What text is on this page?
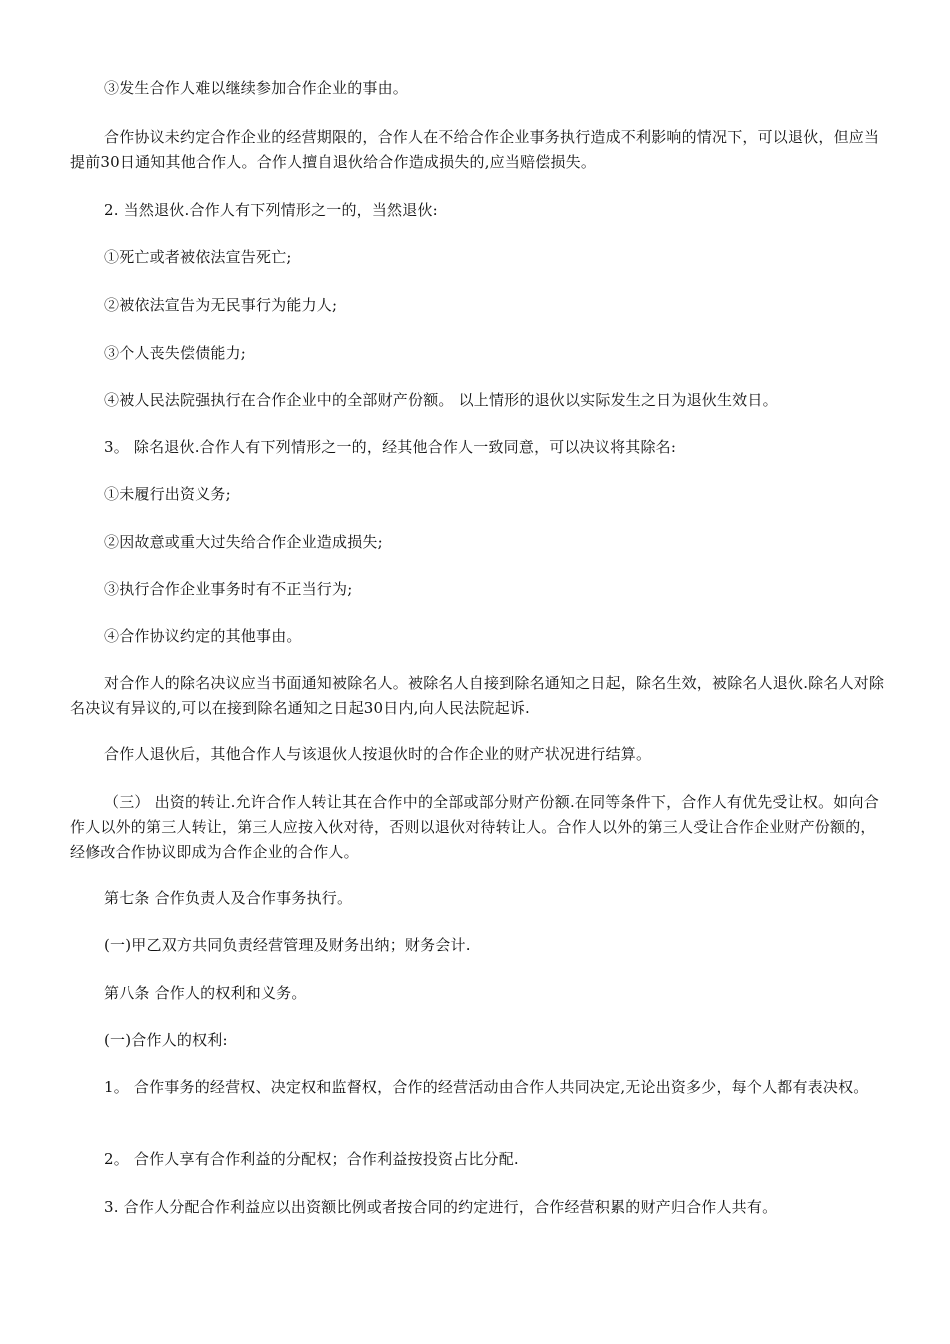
③发生合作人难以继续参加合作企业的事由。

合作协议未约定合作企业的经营期限的，合作人在不给合作企业事务执行造成不利影响的情况下，可以退伙，但应当提前30日通知其他合作人。合作人擅自退伙给合作造成损失的,应当赔偿损失。

2. 当然退伙.合作人有下列情形之一的，当然退伙:

①死亡或者被依法宣告死亡;

②被依法宣告为无民事行为能力人;

③个人丧失偿债能力;

④被人民法院强执行在合作企业中的全部财产份额。 以上情形的退伙以实际发生之日为退伙生效日。

3。 除名退伙.合作人有下列情形之一的，经其他合作人一致同意，可以决议将其除名:

①未履行出资义务;

②因故意或重大过失给合作企业造成损失;

③执行合作企业事务时有不正当行为;

④合作协议约定的其他事由。

对合作人的除名决议应当书面通知被除名人。被除名人自接到除名通知之日起，除名生效，被除名人退伙.除名人对除名决议有异议的,可以在接到除名通知之日起30日内,向人民法院起诉.

合作人退伙后，其他合作人与该退伙人按退伙时的合作企业的财产状况进行结算。

（三） 出资的转让.允许合作人转让其在合作中的全部或部分财产份额.在同等条件下，合作人有优先受让权。如向合作人以外的第三人转让，第三人应按入伙对待，否则以退伙对待转让人。合作人以外的第三人受让合作企业财产份额的，经修改合作协议即成为合作企业的合作人。

第七条 合作负责人及合作事务执行。

(一)甲乙双方共同负责经营管理及财务出纳；财务会计.

第八条 合作人的权利和义务。

(一)合作人的权利:

1。 合作事务的经营权、决定权和监督权，合作的经营活动由合作人共同决定,无论出资多少，每个人都有表决权。

2。 合作人享有合作利益的分配权；合作利益按投资占比分配.

3. 合作人分配合作利益应以出资额比例或者按合同的约定进行，合作经营积累的财产归合作人共有。
